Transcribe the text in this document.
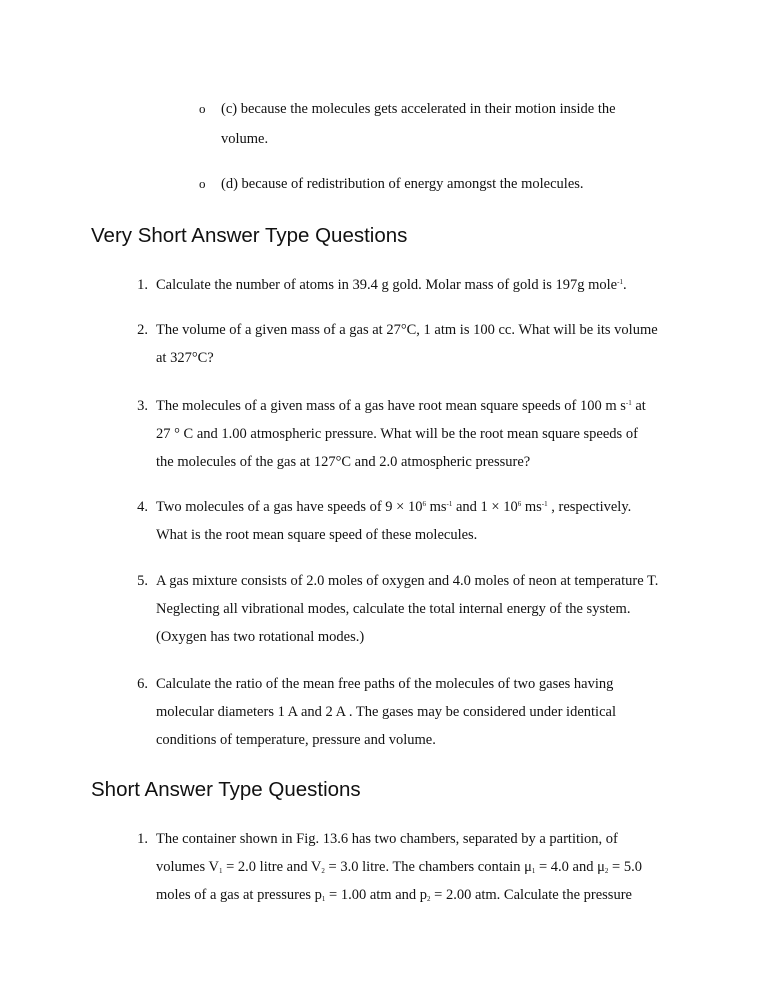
o (c) because the molecules gets accelerated in their motion inside the
volume.
o (d) because of redistribution of energy amongst the molecules.
Very Short Answer Type Questions
1. Calculate the number of atoms in 39.4 g gold. Molar mass of gold is 197g mole$^{-1}$.
2. The volume of a given mass of a gas at 27°C, 1 atm is 100 cc. What will be its volume
at 327°C?
3. The molecules of a given mass of a gas have root mean square speeds of 100 m $s^{-1}$ at
27 ° C and 1.00 atmospheric pressure. What will be the root mean square speeds of
the molecules of the gas at 127°C and 2.0 atmospheric pressure?
4. Two molecules of a gas have speeds of $9 \times 10^6$ $ms^{-1}$ and $1 \times 10^6$ $ms^{-1}$ , respectively.
What is the root mean square speed of these molecules.
5. A gas mixture consists of 2.0 moles of oxygen and 4.0 moles of neon at temperature T.
Neglecting all vibrational modes, calculate the total internal energy of the system.
(Oxygen has two rotational modes.)
6. Calculate the ratio of the mean free paths of the molecules of two gases having
molecular diameters 1 A and 2 A . The gases may be considered under identical
conditions of temperature, pressure and volume.
Short Answer Type Questions
1. The container shown in Fig. 13.6 has two chambers, separated by a partition, of
volumes $V_1 = 2.0$ litre and $V_2 = 3.0$ litre. The chambers contain $\mu_1 = 4.0$ and $\mu_2 = 5.0$
moles of a gas at pressures $p_1 = 1.00$ atm and $p_2 = 2.00$ atm. Calculate the pressure
